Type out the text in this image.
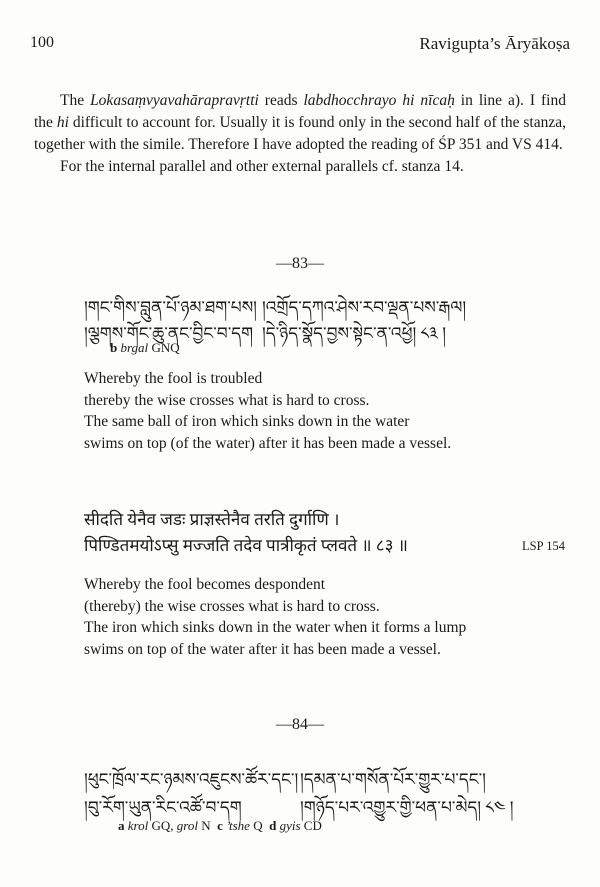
100	Ravigupta’s Āryākoṣa

The Lokasaṃvyavahārapravṛtti reads labdhocchrayo hi nīcaḥ in line a). I find the hi difficult to account for. Usually it is found only in the second half of the stanza, together with the simile. Therefore I have adopted the reading of ŚP 351 and VS 414.

For the internal parallel and other external parallels cf. stanza 14.

—83—
།གང་གིས་བླུན་པོ་ཉམ་ཐག་པས། །འགྲོད་དཀའ་ཤེས་རབ་ལྡན་པས་རྒལ།
།ལྕགས་གོང་ཆུ་ནང་བྱིང་བ་དག །དེ་ཉིད་སྣོད་བྱས་སྟེང་ན་འཕྱོ། ༨༣ །
b brgal GNQ
Whereby the fool is troubled
thereby the wise crosses what is hard to cross.
The same ball of iron which sinks down in the water
swims on top (of the water) after it has been made a vessel.
सीदति येनैव जडः प्राज्ञस्तेनैव तरति दुर्गाणि ।
पिण्डितमयोऽप्सु मज्जति तदेव पात्रीकृतं प्लवते ॥ ८३ ॥	LSP 154
Whereby the fool becomes despondent
(thereby) the wise crosses what is hard to cross.
The iron which sinks down in the water when it forms a lump
swims on top of the water after it has been made a vessel.
—84—
།ཕུང་ཁྲོལ་རང་ཉམས་འཇུངས་ཚོར་དང་། །དམན་པ་གསོན་པོར་གྱུར་པ་དང་།
།བུ་རོག་ཡུན་རིང་འཚོ་བ་དག	།གཉོད་པར་འགྱུར་གྱི་ཕན་པ་མེད། ༨༤ །
a krol GQ, grol N c ’tshe Q d gyis CD
